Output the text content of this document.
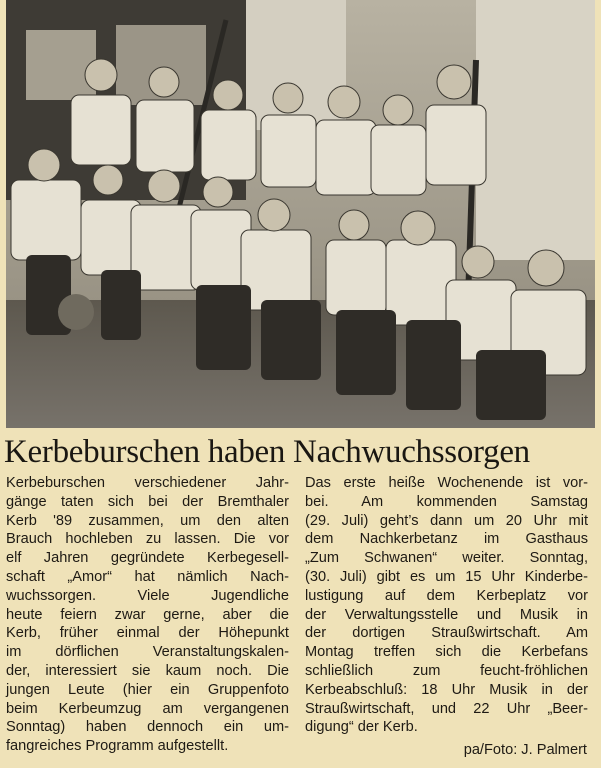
Kerbeburschen haben Nachwuchssorgen
Kerbeburschen verschiedener Jahr-
gänge taten sich bei der Bremthaler
Kerb '89 zusammen, um den alten
Brauch hochleben zu lassen. Die vor
elf Jahren gegründete Kerbegesell-
schaft „Amor“ hat nämlich Nach-
wuchssorgen. Viele Jugendliche
heute feiern zwar gerne, aber die
Kerb, früher einmal der Höhepunkt
im dörflichen Veranstaltungskalen-
der, interessiert sie kaum noch. Die
jungen Leute (hier ein Gruppenfoto
beim Kerbeumzug am vergangenen
Sonntag) haben dennoch ein um-
fangreiches Programm aufgestellt.
Das erste heiße Wochenende ist vor-
bei. Am kommenden Samstag
(29. Juli) geht’s dann um 20 Uhr mit
dem Nachkerbetanz im Gasthaus
„Zum Schwanen“ weiter. Sonntag,
(30. Juli) gibt es um 15 Uhr Kinderbe-
lustigung auf dem Kerbeplatz vor
der Verwaltungsstelle und Musik in
der dortigen Straußwirtschaft. Am
Montag treffen sich die Kerbefans
schließlich zum feucht-fröhlichen
Kerbeabschluß: 18 Uhr Musik in der
Straußwirtschaft, und 22 Uhr „Beer-
digung“ der Kerb.
pa/Foto: J. Palmert
